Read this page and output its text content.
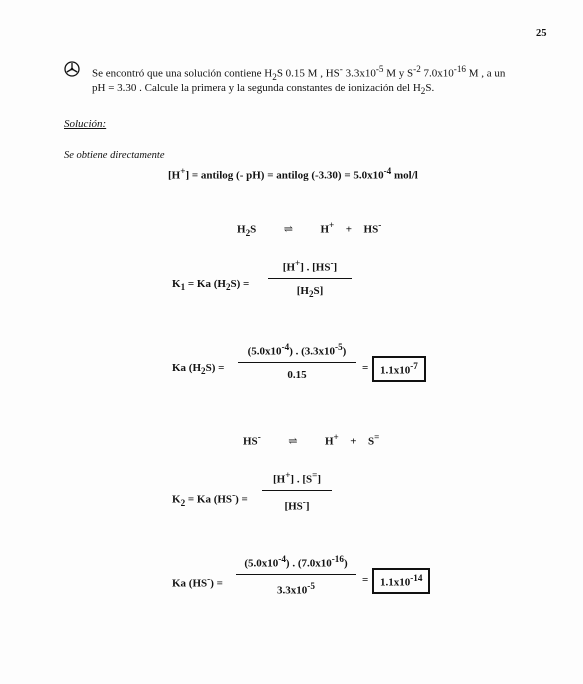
25
Se encontró que una solución contiene $H_2S$ 0.15 M , HS- $3.3x10^{-5}$ M y $S^{-2}$ $7.0x10^{-16}$ M , a un
pH = 3.30 . Calcule la primera y la segunda constantes de ionización del $H_2S$.
Solución:
Se obtiene directamente
[H+] = antilog (- pH) = antilog $(-3.30) = 5.0x10^{-4}$ mol/l
$H_2S$	⇌	H+ + HS-
$K_1 = Ka$ $(H_2S)$ =
[H+] . [HS-]
$[H_2S]$
Ka $(H_2S)$ =
$(5.0x10^{-4})$ . $(3.3x10^{-5})$
0.15
=	$1.1x10^{-7}$
HS-	⇌	H+ + S=
$K_2 = Ka$ (HS-) =
[H+] . [S=]
[HS-]
Ka (HS-) =
$(5.0x10^{-4})$ . $(7.0x10^{-16})$
$3.3x10^{-5}$	=	$1.1x10^{-14}$
